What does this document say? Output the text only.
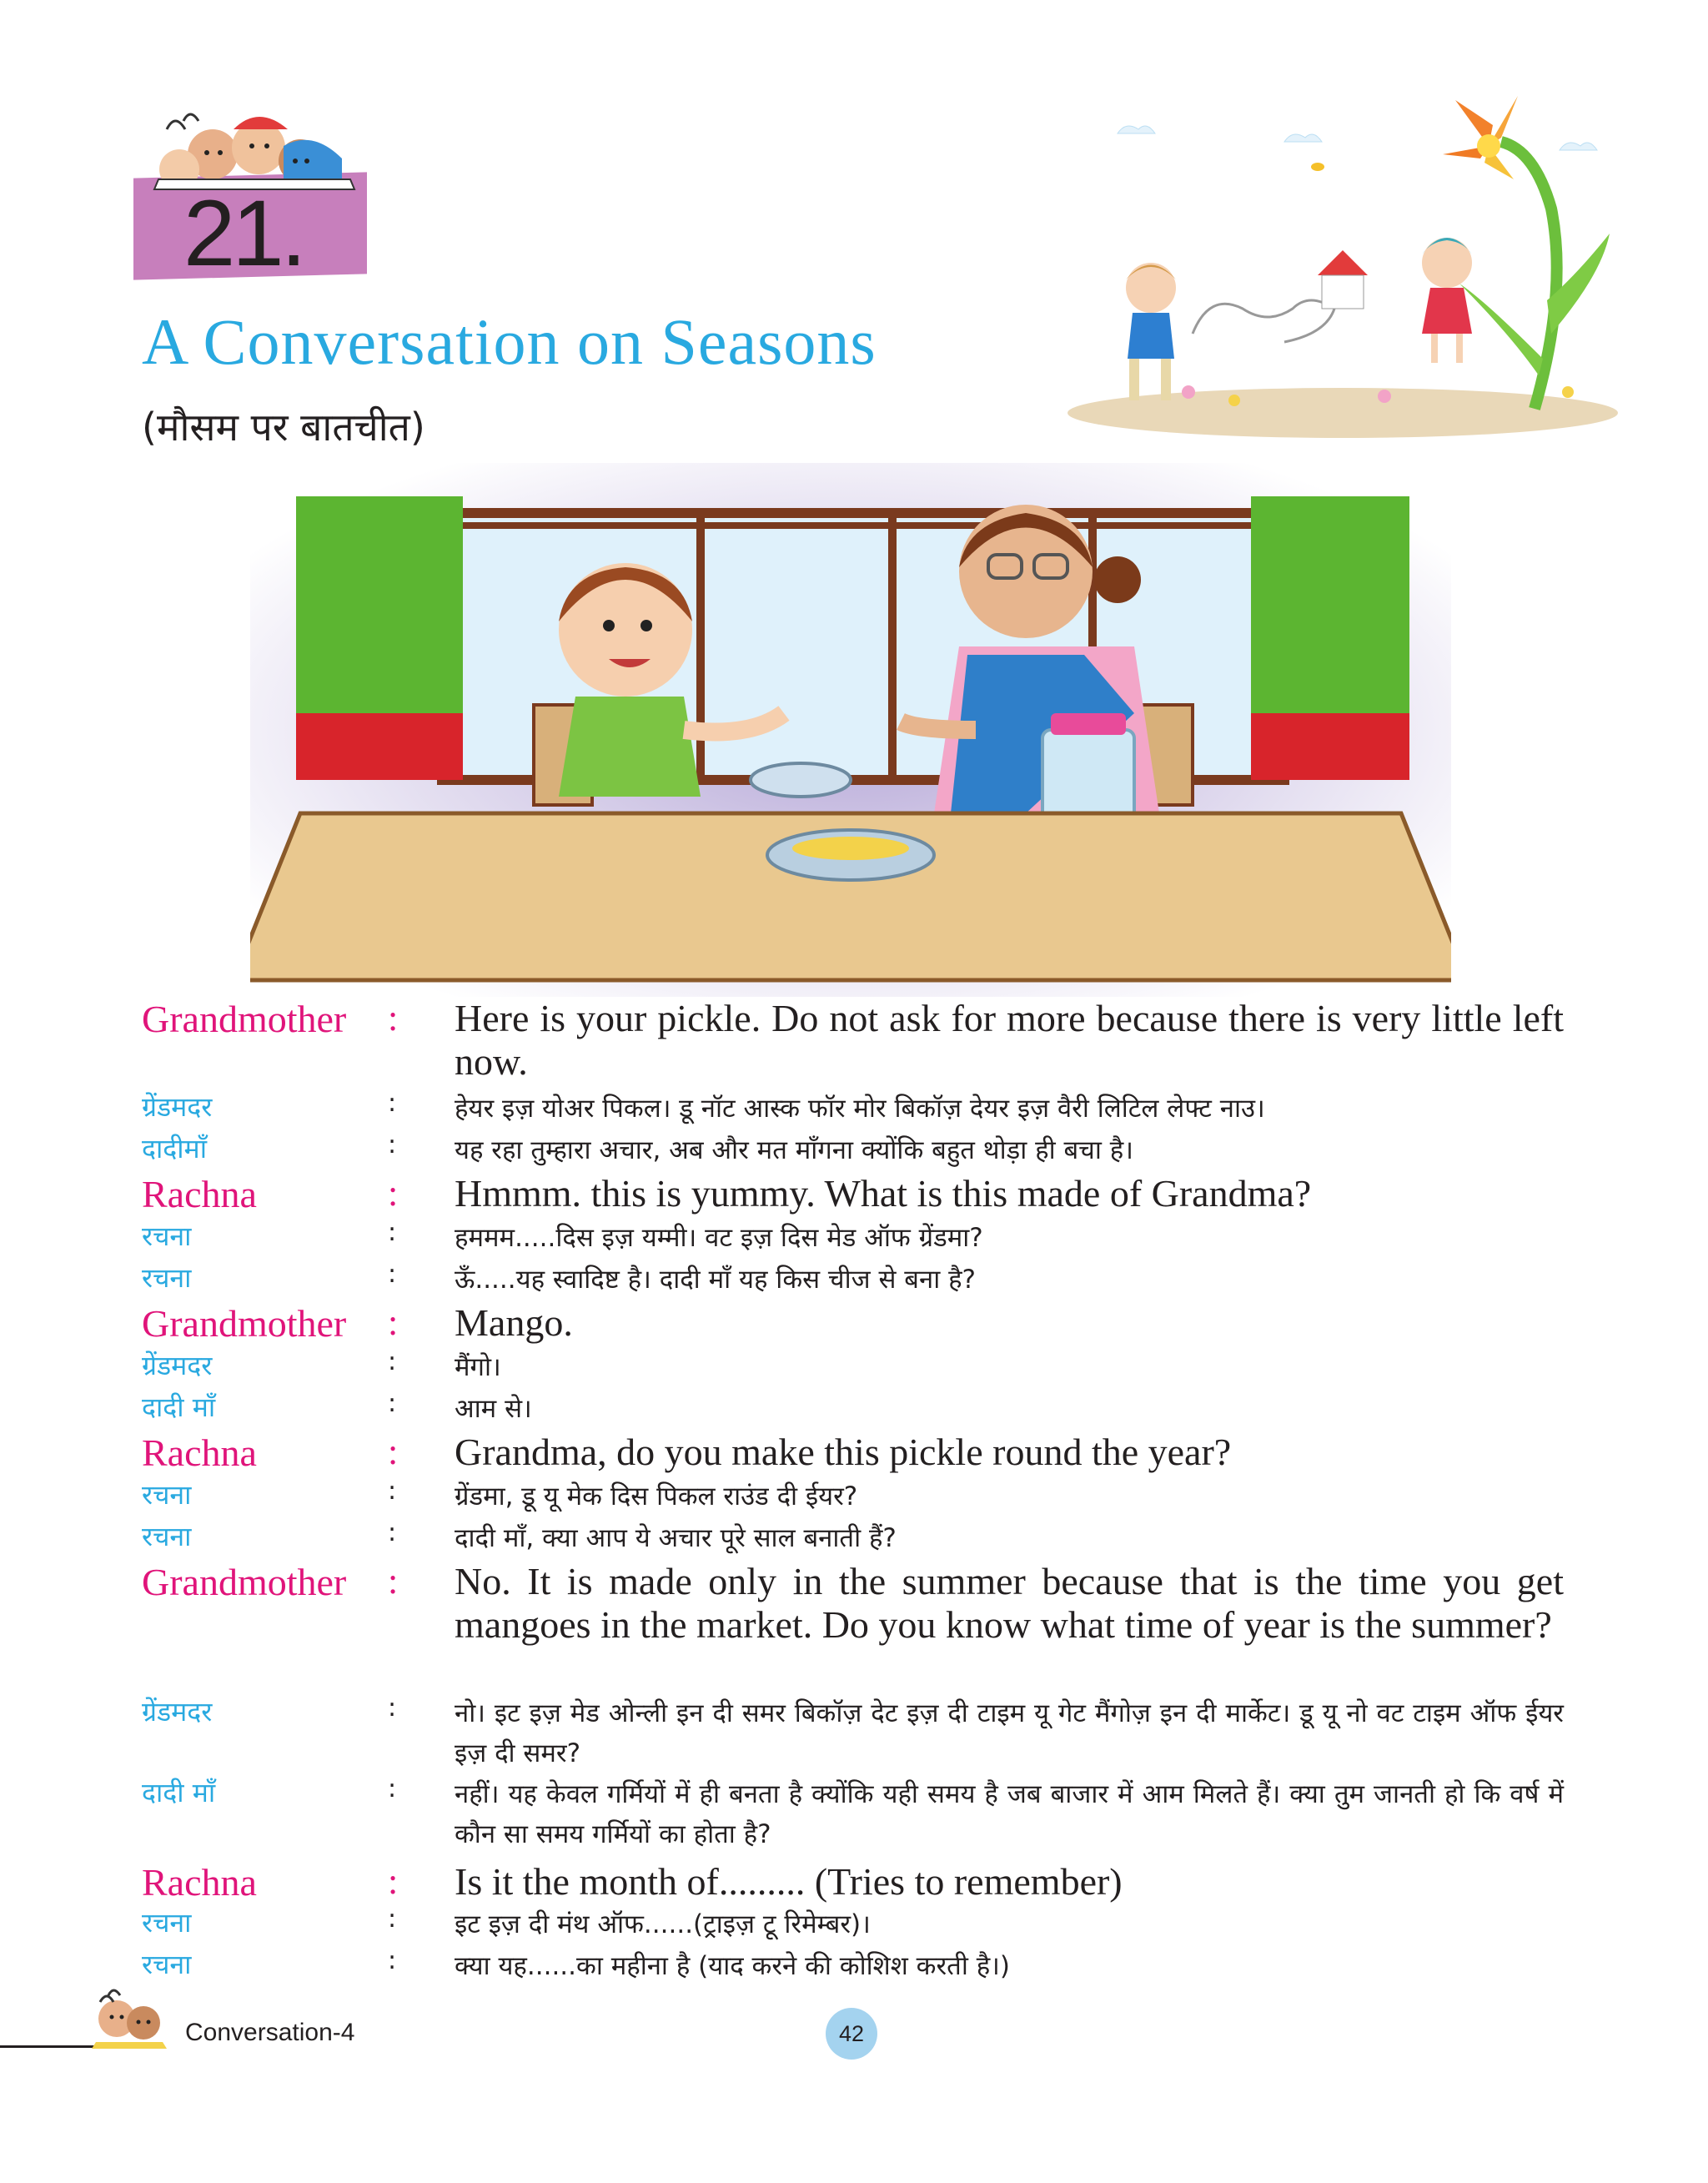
21.
A Conversation on Seasons
(मौसम पर बातचीत)
Grandmother : Here is your pickle. Do not ask for more because there is very little left now.
ग्रेंडमदर	: हेयर इज़ योअर पिकल। डू नॉट आस्क फॉर मोर बिकॉज़ देयर इज़ वैरी लिटिल लेफ्ट नाउ।
दादीमाँ	: यह रहा तुम्हारा अचार, अब और मत माँगना क्योंकि बहुत थोड़ा ही बचा है।
Rachna	: Hmmm. this is yummy. What is this made of Grandma?
रचना	: हममम.....दिस इज़ यम्मी। वट इज़ दिस मेड ऑफ ग्रेंडमा?
रचना	: ऊँ.....यह स्वादिष्ट है। दादी माँ यह किस चीज से बना है?
Grandmother : Mango.
ग्रेंडमदर	: मैंगो।
दादी माँ	: आम से।
Rachna	: Grandma, do you make this pickle round the year?
रचना	: ग्रेंडमा, डू यू मेक दिस पिकल राउंड दी ईयर?
रचना	: दादी माँ, क्या आप ये अचार पूरे साल बनाती हैं?
Grandmother : No. It is made only in the summer because that is the time you get mangoes in the market. Do you know what time of year is the summer?
ग्रेंडमदर	: नो। इट इज़ मेड ओन्ली इन दी समर बिकॉज़ देट इज़ दी टाइम यू गेट मैंगोज़ इन दी मार्केट। डू यू नो वट टाइम ऑफ ईयर इज़ दी समर?
दादी माँ	: नहीं। यह केवल गर्मियों में ही बनता है क्योंकि यही समय है जब बाजार में आम मिलते हैं। क्या तुम जानती हो कि वर्ष में कौन सा समय गर्मियों का होता है?
Rachna	: Is it the month of......... (Tries to remember)
रचना	: इट इज़ दी मंथ ऑफ......(ट्राइज़ टू रिमेम्बर)।
रचना	: क्या यह......का महीना है (याद करने की कोशिश करती है।)
Conversation-4	42
